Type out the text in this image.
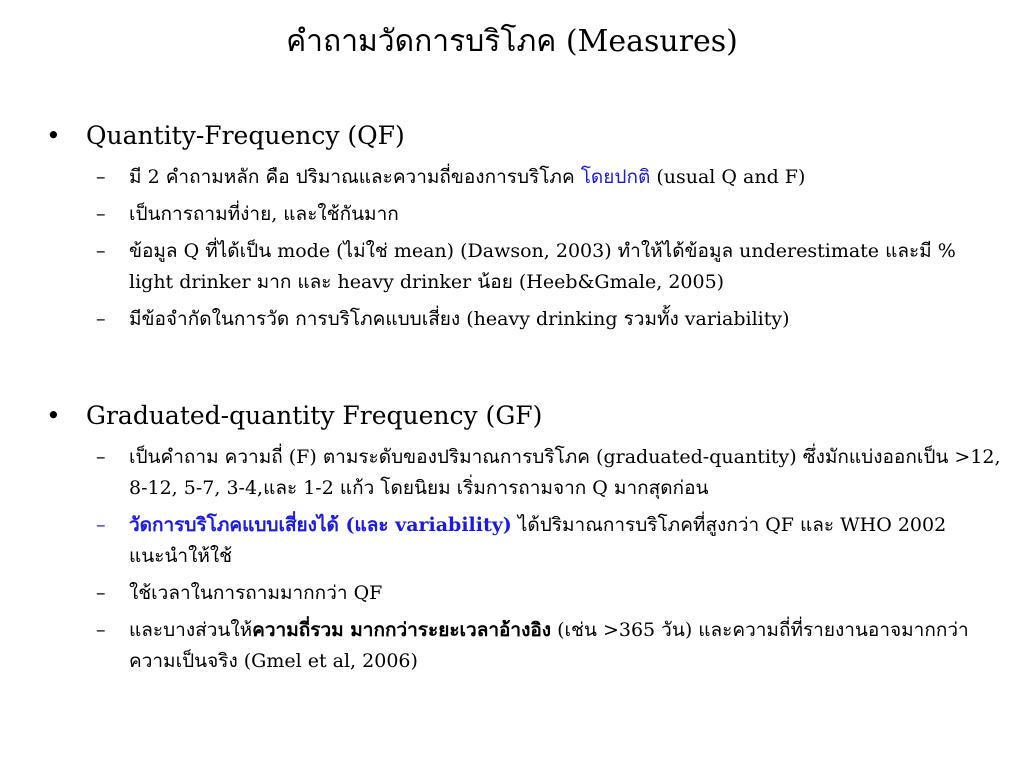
คำถามวัดการบริโภค (Measures)
•	Quantity-Frequency (QF)
–	มี 2 คำถามหลัก คือ ปริมาณและความถี่ของการบริโภค โดยปกติ (usual Q and F)
–	เป็นการถามที่ง่าย, และใช้กันมาก
–	ข้อมูล Q ที่ได้เป็น mode (ไม่ใช่ mean) (Dawson, 2003) ทำให้ได้ข้อมูล underestimate และมี % light drinker มาก และ heavy drinker น้อย (Heeb&Gmale, 2005)
–	มีข้อจำกัดในการวัด การบริโภคแบบเสี่ยง (heavy drinking รวมทั้ง variability)
•	Graduated-quantity Frequency (GF)
–	เป็นคำถาม ความถี่ (F) ตามระดับของปริมาณการบริโภค (graduated-quantity) ซึ่งมักแบ่งออกเป็น >12, 8-12, 5-7, 3-4,และ 1-2 แก้ว โดยนิยม เริ่มการถามจาก Q มากสุดก่อน
–	วัดการบริโภคแบบเสี่ยงได้ (และ variability) ได้ปริมาณการบริโภคที่สูงกว่า QF และ WHO 2002 แนะนำให้ใช้
–	ใช้เวลาในการถามมากกว่า QF
–	และบางส่วนให้ความถี่รวม มากกว่าระยะเวลาอ้างอิง (เช่น >365 วัน) และความถี่ที่รายงานอาจมากกว่าความเป็นจริง (Gmel et al, 2006)
